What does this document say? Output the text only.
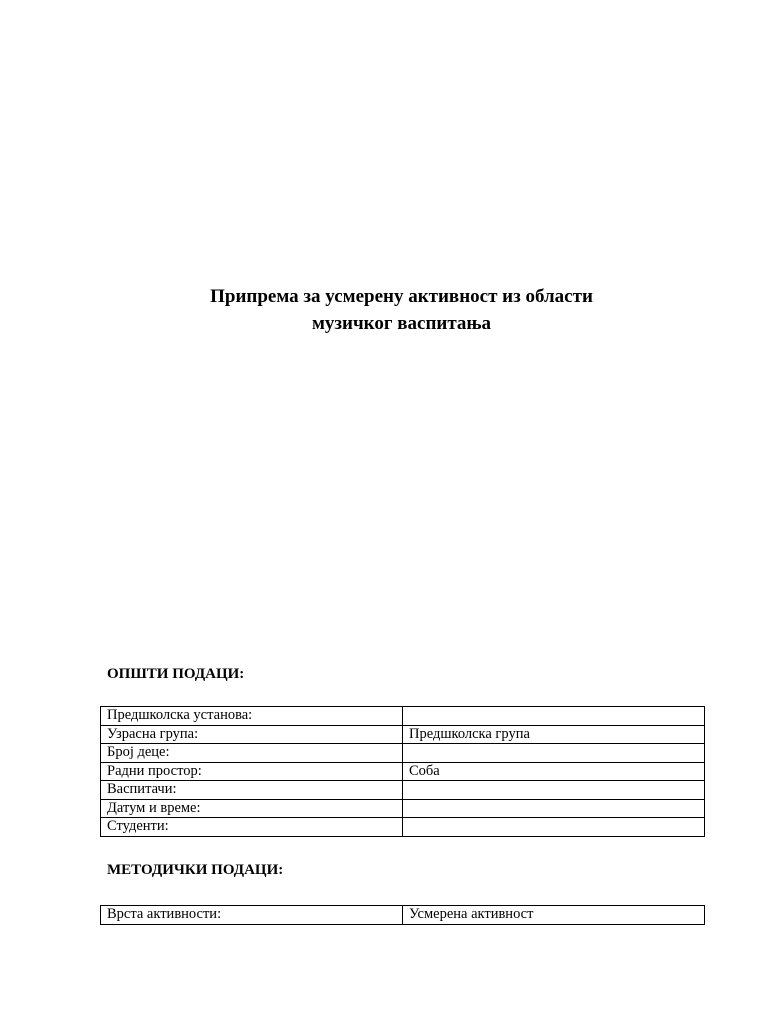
Припрема за усмерену активност из области
музичког васпитања
ОПШТИ ПОДАЦИ:
Предшколска установа:	
Узрасна група:	Предшколска група
Број деце:	
Радни простор:	Соба
Васпитачи:	
Датум и време:	
Студенти:	
МЕТОДИЧКИ ПОДАЦИ:
Врста активности:	Усмерена активност
